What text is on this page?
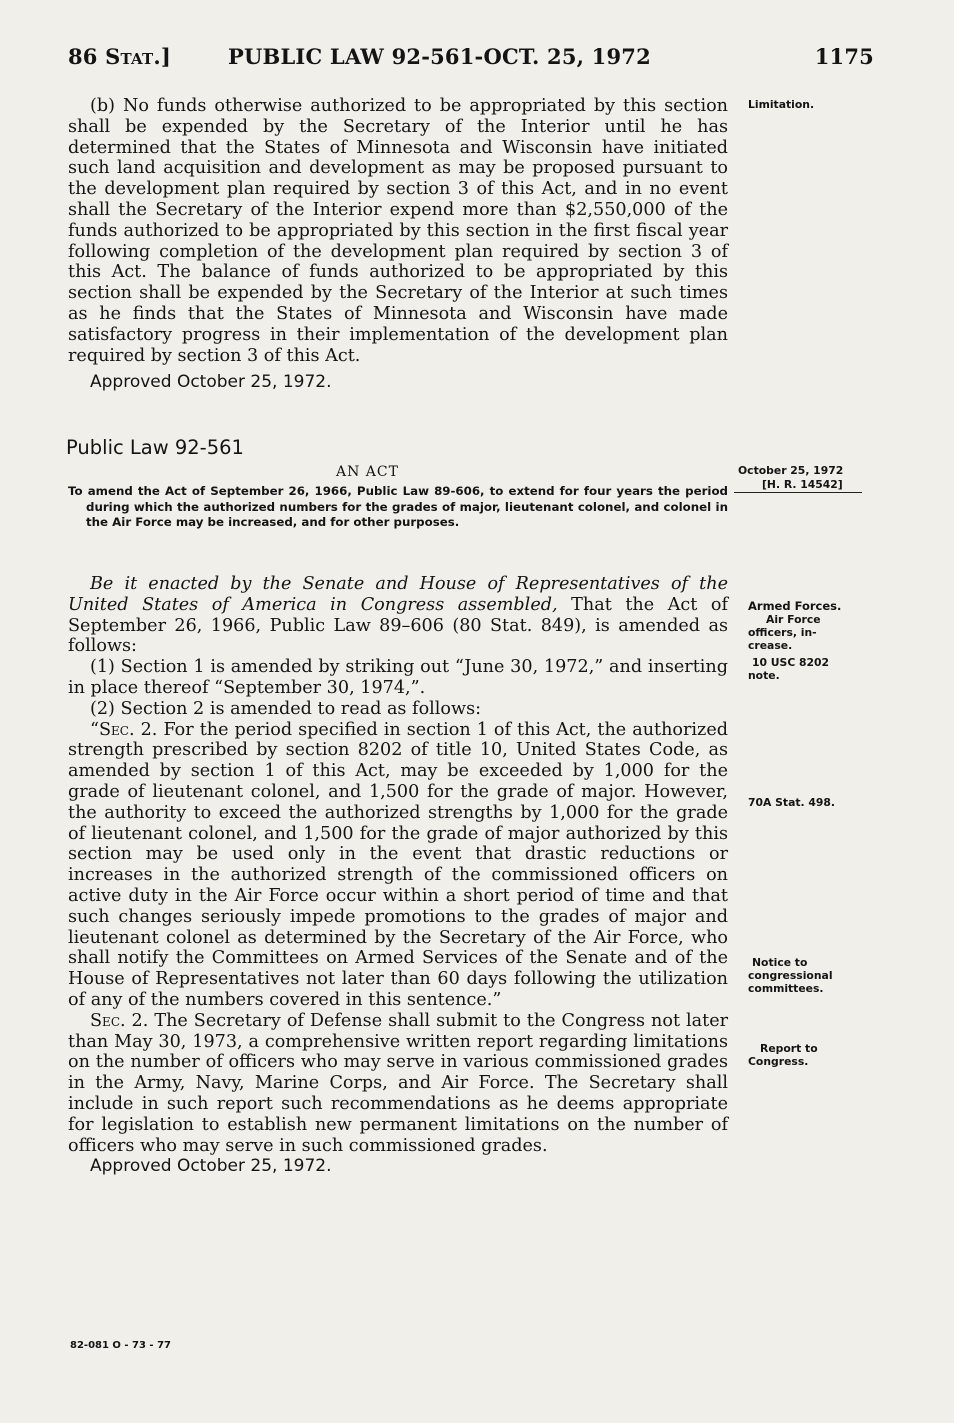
86 Stat.]	PUBLIC LAW 92-561-OCT. 25, 1972	1175

(b) No funds otherwise authorized to be appropriated by this section shall be expended by the Secretary of the Interior until he has determined that the States of Minnesota and Wisconsin have initiated such land acquisition and development as may be proposed pursuant to the development plan required by section 3 of this Act, and in no event shall the Secretary of the Interior expend more than $2,550,000 of the funds authorized to be appropriated by this section in the first fiscal year following completion of the development plan required by section 3 of this Act. The balance of funds authorized to be appropriated by this section shall be expended by the Secretary of the Interior at such times as he finds that the States of Minnesota and Wisconsin have made satisfactory progress in their implementation of the development plan required by section 3 of this Act.

Approved October 25, 1972.

Limitation.
Public Law 92-561
AN ACT	October 25, 1972
[H. R. 14542]

To amend the Act of September 26, 1966, Public Law 89-606, to extend for four years the period during which the authorized numbers for the grades of major, lieutenant colonel, and colonel in the Air Force may be increased, and for other purposes.

Be it enacted by the Senate and House of Representatives of the United States of America in Congress assembled, That the Act of September 26, 1966, Public Law 89–606 (80 Stat. 849), is amended as follows:

(1) Section 1 is amended by striking out “June 30, 1972,” and inserting in place thereof “September 30, 1974,”.

(2) Section 2 is amended to read as follows:

“Sec. 2. For the period specified in section 1 of this Act, the authorized strength prescribed by section 8202 of title 10, United States Code, as amended by section 1 of this Act, may be exceeded by 1,000 for the grade of lieutenant colonel, and 1,500 for the grade of major. However, the authority to exceed the authorized strengths by 1,000 for the grade of lieutenant colonel, and 1,500 for the grade of major authorized by this section may be used only in the event that drastic reductions or increases in the authorized strength of the commissioned officers on active duty in the Air Force occur within a short period of time and that such changes seriously impede promotions to the grades of major and lieutenant colonel as determined by the Secretary of the Air Force, who shall notify the Committees on Armed Services of the Senate and of the House of Representatives not later than 60 days following the utilization of any of the numbers covered in this sentence.”

Sec. 2. The Secretary of Defense shall submit to the Congress not later than May 30, 1973, a comprehensive written report regarding limitations on the number of officers who may serve in various commissioned grades in the Army, Navy, Marine Corps, and Air Force. The Secretary shall include in such report such recommendations as he deems appropriate for legislation to establish new permanent limitations on the number of officers who may serve in such commissioned grades.

Approved October 25, 1972.

Armed Forces.
Air Force
officers, in-
crease.
10 USC 8202
note.
70A Stat. 498.
Notice to
congressional
committees.
Report to
Congress.
82-081 O - 73 - 77
